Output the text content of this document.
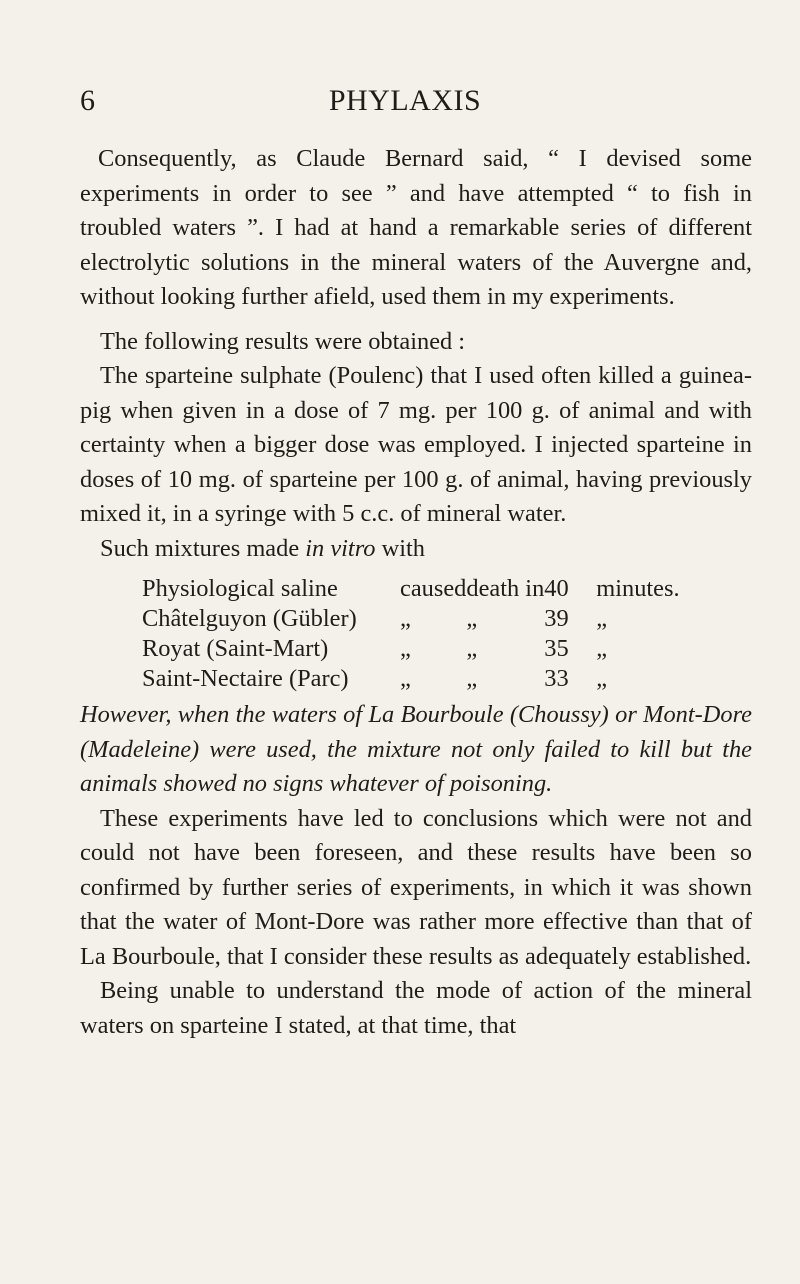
6	PHYLAXIS

Consequently, as Claude Bernard said, “ I devised some experiments in order to see ” and have attempted “ to fish in troubled waters ”. I had at hand a remarkable series of different electrolytic solutions in the mineral waters of the Auvergne and, without looking further afield, used them in my experiments.

The following results were obtained :

The sparteine sulphate (Poulenc) that I used often killed a guinea-pig when given in a dose of 7 mg. per 100 g. of animal and with certainty when a bigger dose was employed. I injected sparteine in doses of 10 mg. of sparteine per 100 g. of animal, having previously mixed it, in a syringe with 5 c.c. of mineral water.

Such mixtures made in vitro with

Physiological saline	caused	death in	40	minutes.
Châtelguyon (Gübler)	„	„	39	„
Royat (Saint-Mart)	„	„	35	„
Saint-Nectaire (Parc)	„	„	33	„

However, when the waters of La Bourboule (Choussy) or Mont-Dore (Madeleine) were used, the mixture not only failed to kill but the animals showed no signs whatever of poisoning.

These experiments have led to conclusions which were not and could not have been foreseen, and these results have been so confirmed by further series of experiments, in which it was shown that the water of Mont-Dore was rather more effective than that of La Bourboule, that I consider these results as adequately established.

Being unable to understand the mode of action of the mineral waters on sparteine I stated, at that time, that
